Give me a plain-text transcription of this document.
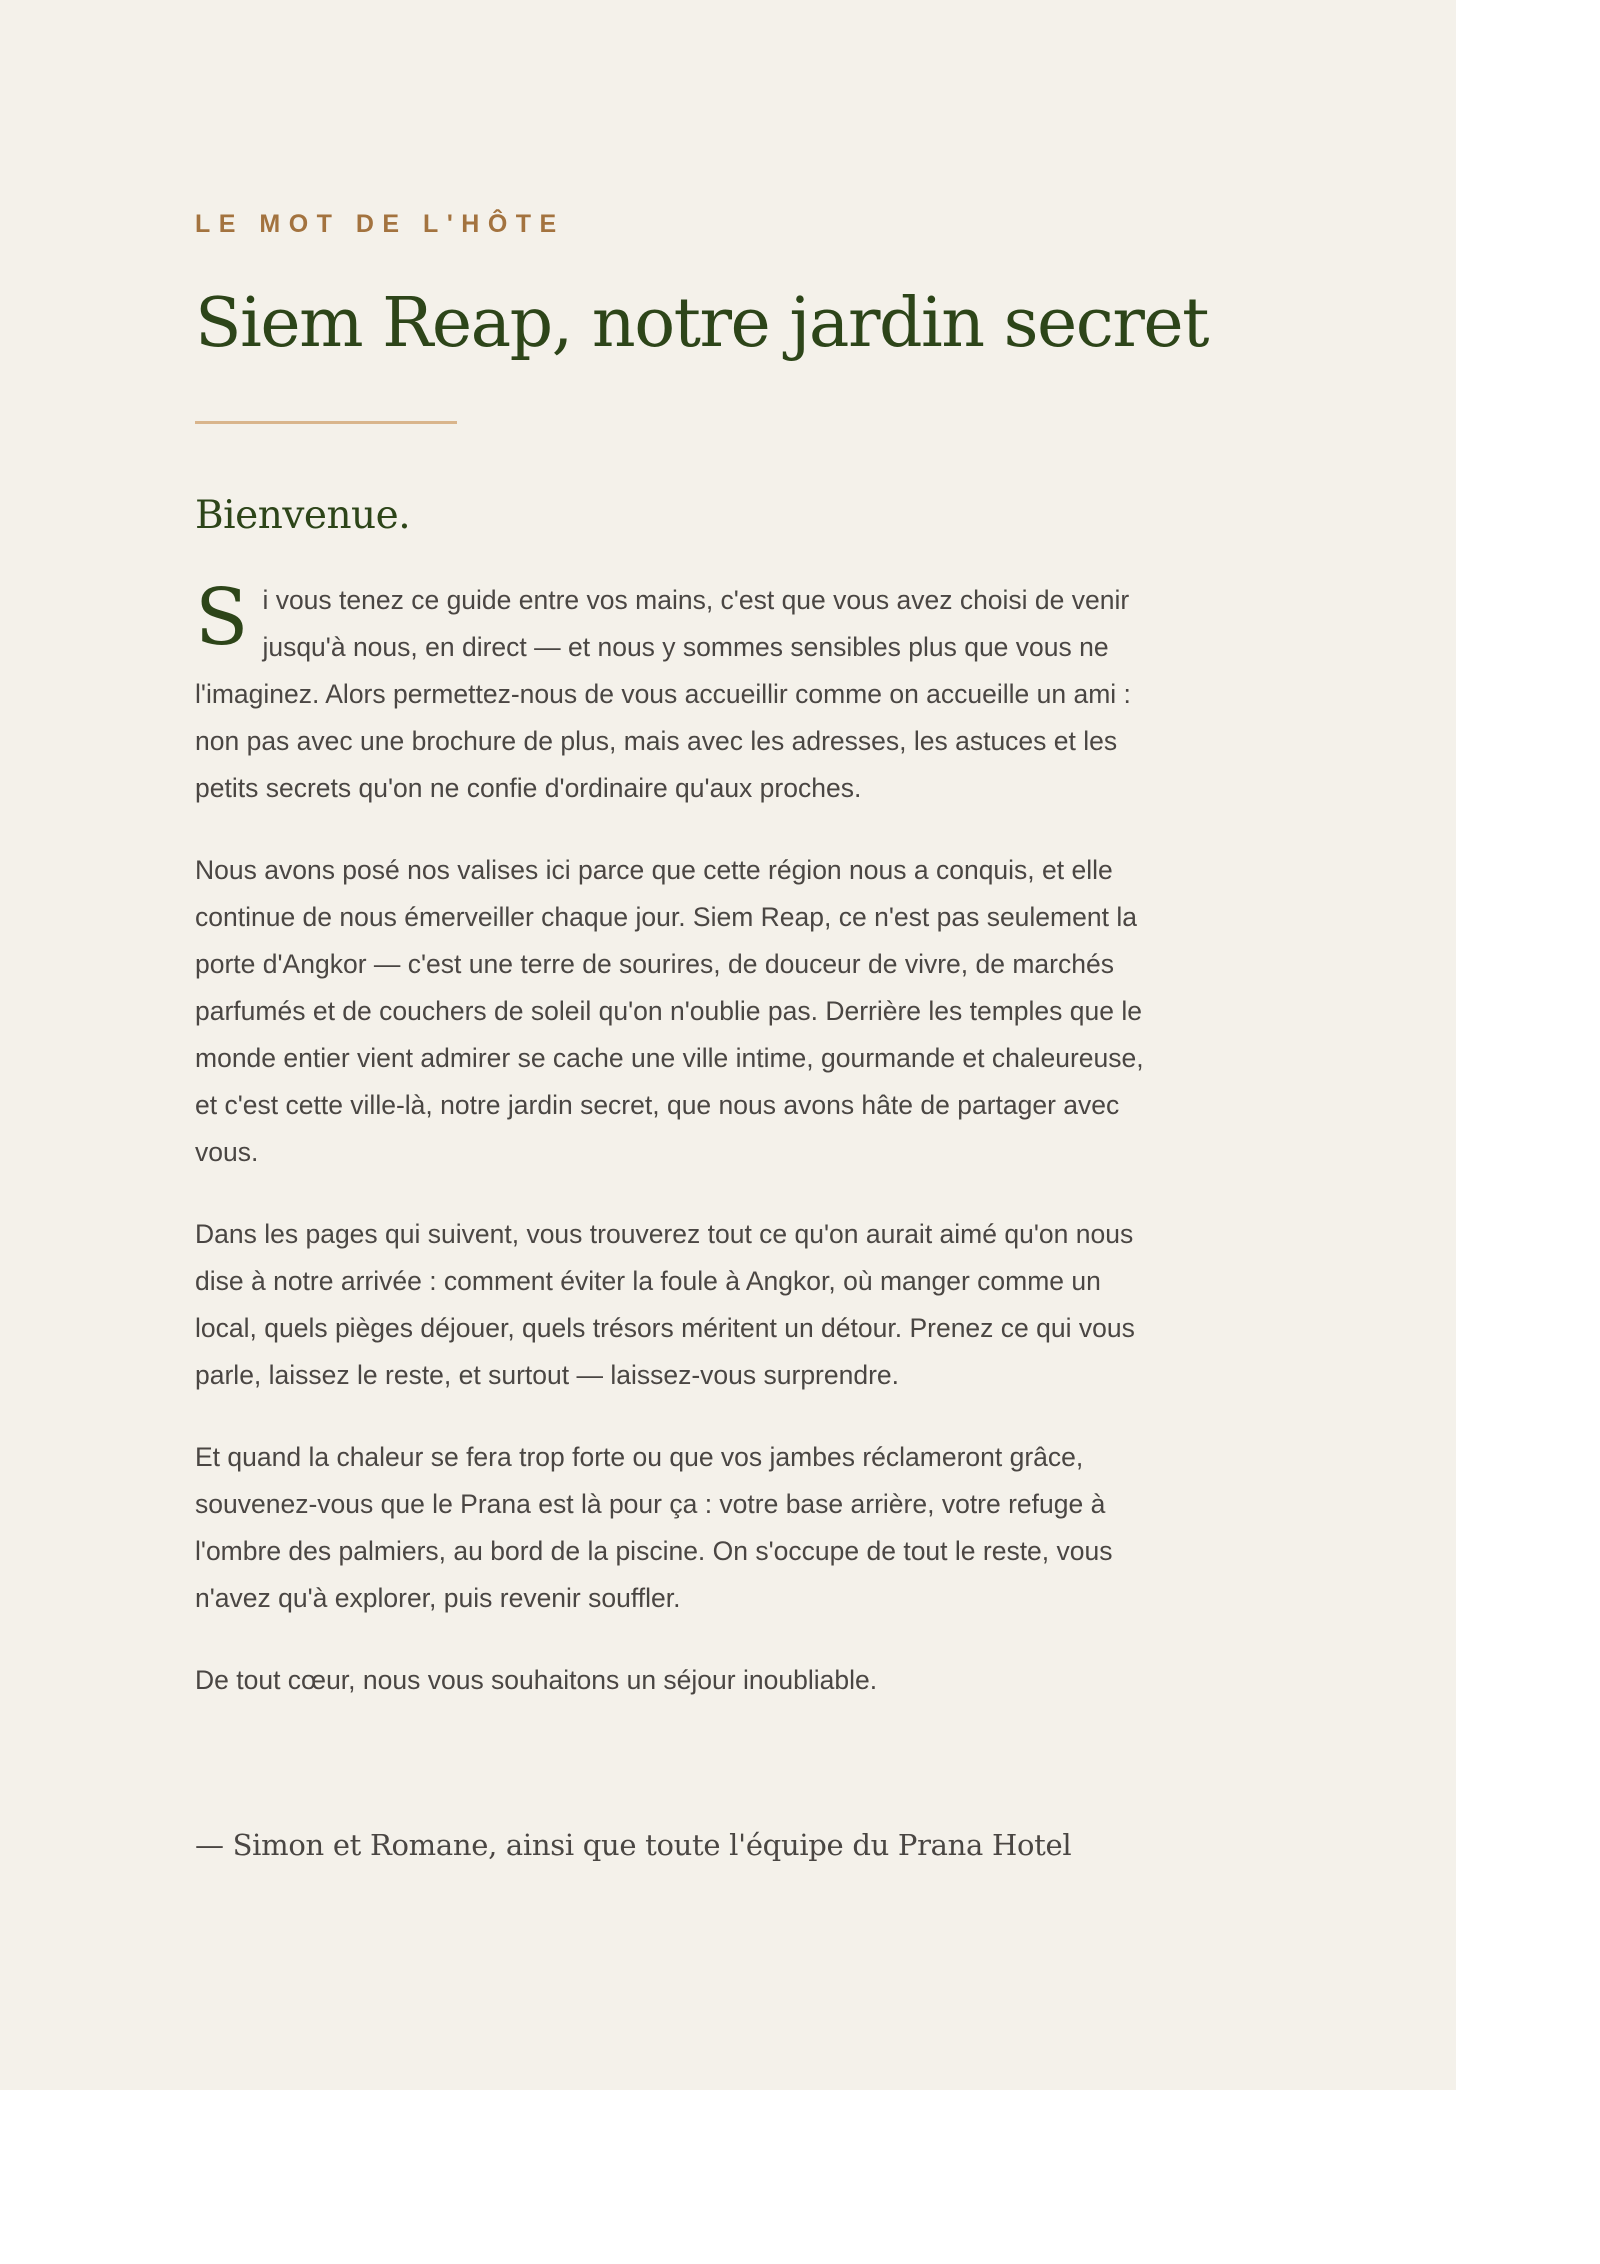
LE MOT DE L'HÔTE
Siem Reap, notre jardin secret
Bienvenue.

Si vous tenez ce guide entre vos mains, c'est que vous avez choisi de venir jusqu'à nous, en direct — et nous y sommes sensibles plus que vous ne l'imaginez. Alors permettez-nous de vous accueillir comme on accueille un ami : non pas avec une brochure de plus, mais avec les adresses, les astuces et les petits secrets qu'on ne confie d'ordinaire qu'aux proches.

Nous avons posé nos valises ici parce que cette région nous a conquis, et elle continue de nous émerveiller chaque jour. Siem Reap, ce n'est pas seulement la porte d'Angkor — c'est une terre de sourires, de douceur de vivre, de marchés parfumés et de couchers de soleil qu'on n'oublie pas. Derrière les temples que le monde entier vient admirer se cache une ville intime, gourmande et chaleureuse, et c'est cette ville-là, notre jardin secret, que nous avons hâte de partager avec vous.

Dans les pages qui suivent, vous trouverez tout ce qu'on aurait aimé qu'on nous dise à notre arrivée : comment éviter la foule à Angkor, où manger comme un local, quels pièges déjouer, quels trésors méritent un détour. Prenez ce qui vous parle, laissez le reste, et surtout — laissez-vous surprendre.

Et quand la chaleur se fera trop forte ou que vos jambes réclameront grâce, souvenez-vous que le Prana est là pour ça : votre base arrière, votre refuge à l'ombre des palmiers, au bord de la piscine. On s'occupe de tout le reste, vous n'avez qu'à explorer, puis revenir souffler.

De tout cœur, nous vous souhaitons un séjour inoubliable.

— Simon et Romane, ainsi que toute l'équipe du Prana Hotel
